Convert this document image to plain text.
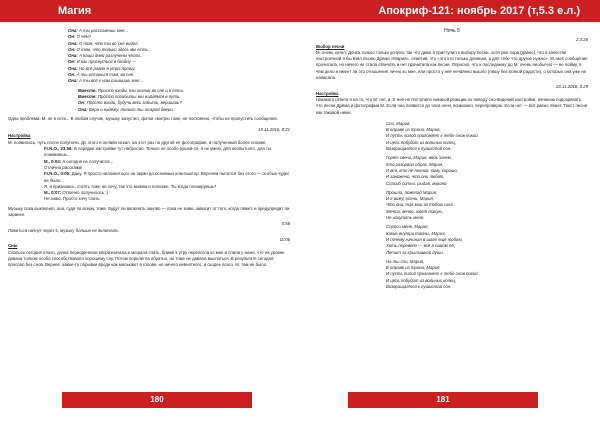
Магия

Она: А ты расскажешь мне...

Он: О чём?

Она: О том, что ты во сне видел.

Он: О том, что только здесь мы есть.

Она: А наши дней разлучены честь.

Он: И как проснуться в бездну —

Она: Но всё равно я утра прошу.

Он: А ты останься там, во сне.

Она: А ты всё к нам слышишь мне...

Вместе: Просто входи, ты хозяин во сне и в сети.

Вместе: Просто позабыты мы найдёмся в пути.

Он: Просто входи, будучи весь забыть, вершишь?

Она: Вера и надёжу, только ты открой двери.

Одна проблема: М. не в сети... В любом случае, музыку запустил, фотки смотрю тоже, не постоянно, чтобы не пропустить сообщение.

19.11.2016, 0:21

Настройка

М. появилась, чуть после полуночи. До этого я онлайн искал, на этот раз по другой её фотографии, и полученный более похоже.

Fr.N.O., 23:56: В порядке настройки тут набросал. Только не особо рушей-ся, я не умею, для неопытного, для ты понимаешь...

М., 0:04: А сегодня не получится...

Отлично расскажи!

Fr.N.O., 0:05: Дану, Я просто наложил кого на экран до основных ком-пьютер. Впрочем пытался без этого — особых чудес не было.

Я, я признаюсь, стоять тоже не хочу, так что можем и попозже. Ты когда планируешь?

М., 0:07: Отлично получилось :)

Не знаю. Просто хочу спать.

Музыку пока выключил, она, судя по всему, тоже. Будут ли включать заново — пока не знаю, зависит от того, когда ляжет, и предупредит ли заранее.

0:58

Ложиться начнут через 5, музыку больше не включали.

11:05

Сны

Спалось сегодня плохо, дочка периодически капризничала и мешала спать, ближе к утру перелегла ко мне и спала у меня, что на уровне дивана толком особо способствовало хорошему сну. Потом перелегла обратно, но тоже не давала выспаться. В результате сегодня проспал без снов. Вернее, какие-то обрывки вроде как мелькают в голове, но ничего невнятного, и скорее всего, М. там не было.

180
Апокриф-121: ноябрь 2017 (т,5.3 е.л.)

Ночь 5

2:3:26

Выбор песни

М. очень хотел. Дочка только только уснула, так что даже я приступил к выбору песни, хотя уже пора (давно), что в качестве настроечной я бы взял песню Дрёма «Мария», отметив, что «это кто только длинная, а для тебе что другое нужно». М. моё сообщение прочитала, но ничего не стала отвечать и нет прочитала как песни. Опросил, что к последнему до М. очень необычно — не пойму, в чём дело и имеет ли это отношение лично ко мне, или просто у неё нечаянно вышло (пишу без всякой радости), о которых она уже не написала.

20.11.2016, 0:29

Настройка

Никакого ответа я на то, что М. нет, и от неё не поступило никакой реакции по поводу сно-видений настройки, начинаю подозревать, что песни Дрёма и фотографии М. Если она появится до часа ночи, возможно, перепроверю. Если нет — всё равно ляжет. Текст песни как таковой ниже:

Спи, Мария,

В оправе из трона, Мария,

И пусть пилой пригоняет к тебе снов покой

И цепь побудит из вольных колец,

Возвращается к пушистой сон.

Горят свечи, Мария, ведь зачем,

Кто разорвал образ, Мария,

И все, кто не лютой, кому хорошо,

И заножено, что они любят,

Спасиб сотни, рыдая, вероно

Прошла, пожелай Мария,

И я вижу, осени, Мария,

Что дни, так мои за тобою шла

Мечта, вечно, ждёт такую,

Не искупить меня.

Спроси меня, Мария,

Какие внутри тайны, Мария,

И почему начинал в шаге ещё тобою,

Хоть перевело — всё в самом её,

Летит за крылышкой души.

На ты спи, Мария,

В оправе из трона, Мария,

И пусть пилой пригоняет к тебе снов покой

И цепь побудит из вольных колец,

Возвращается к пушистой сон.

181
